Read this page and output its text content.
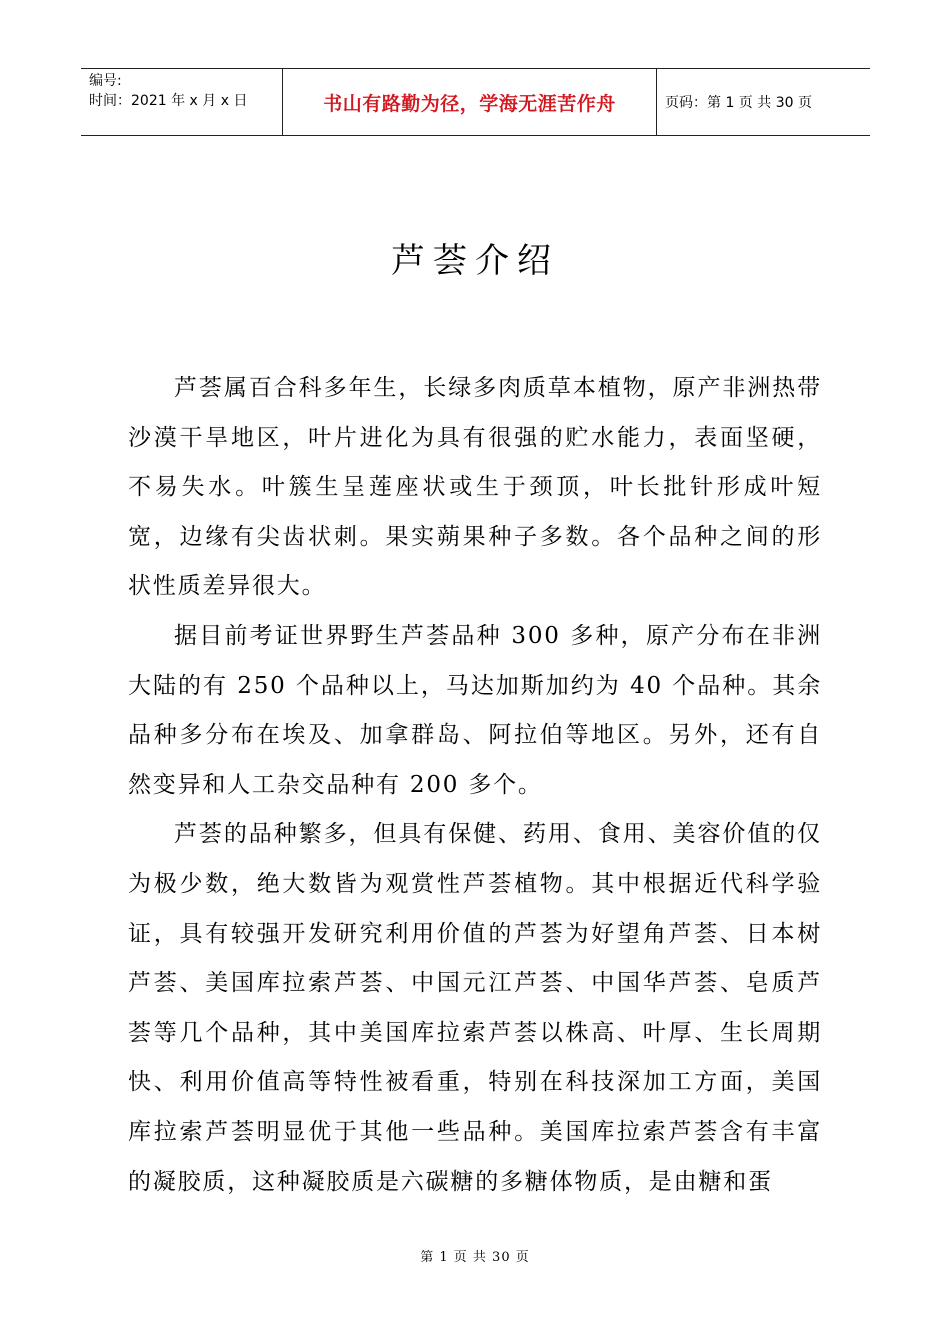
编号:
时间：2021 年 x 月 x 日	书山有路勤为径，学海无涯苦作舟	页码：第 1 页 共 30 页
芦荟介绍

芦荟属百合科多年生，长绿多肉质草本植物，原产非洲热带沙漠干旱地区，叶片进化为具有很强的贮水能力，表面坚硬，不易失水。叶簇生呈莲座状或生于颈顶，叶长批针形成叶短宽，边缘有尖齿状刺。果实蒴果种子多数。各个品种之间的形状性质差异很大。

据目前考证世界野生芦荟品种 300 多种，原产分布在非洲大陆的有 250 个品种以上，马达加斯加约为 40 个品种。其余品种多分布在埃及、加拿群岛、阿拉伯等地区。另外，还有自然变异和人工杂交品种有 200 多个。

芦荟的品种繁多，但具有保健、药用、食用、美容价值的仅为极少数，绝大数皆为观赏性芦荟植物。其中根据近代科学验证，具有较强开发研究利用价值的芦荟为好望角芦荟、日本树芦荟、美国库拉索芦荟、中国元江芦荟、中国华芦荟、皂质芦荟等几个品种，其中美国库拉索芦荟以株高、叶厚、生长周期快、利用价值高等特性被看重，特别在科技深加工方面，美国库拉索芦荟明显优于其他一些品种。美国库拉索芦荟含有丰富的凝胶质，这种凝胶质是六碳糖的多糖体物质，是由糖和蛋

第 1 页 共 30 页
